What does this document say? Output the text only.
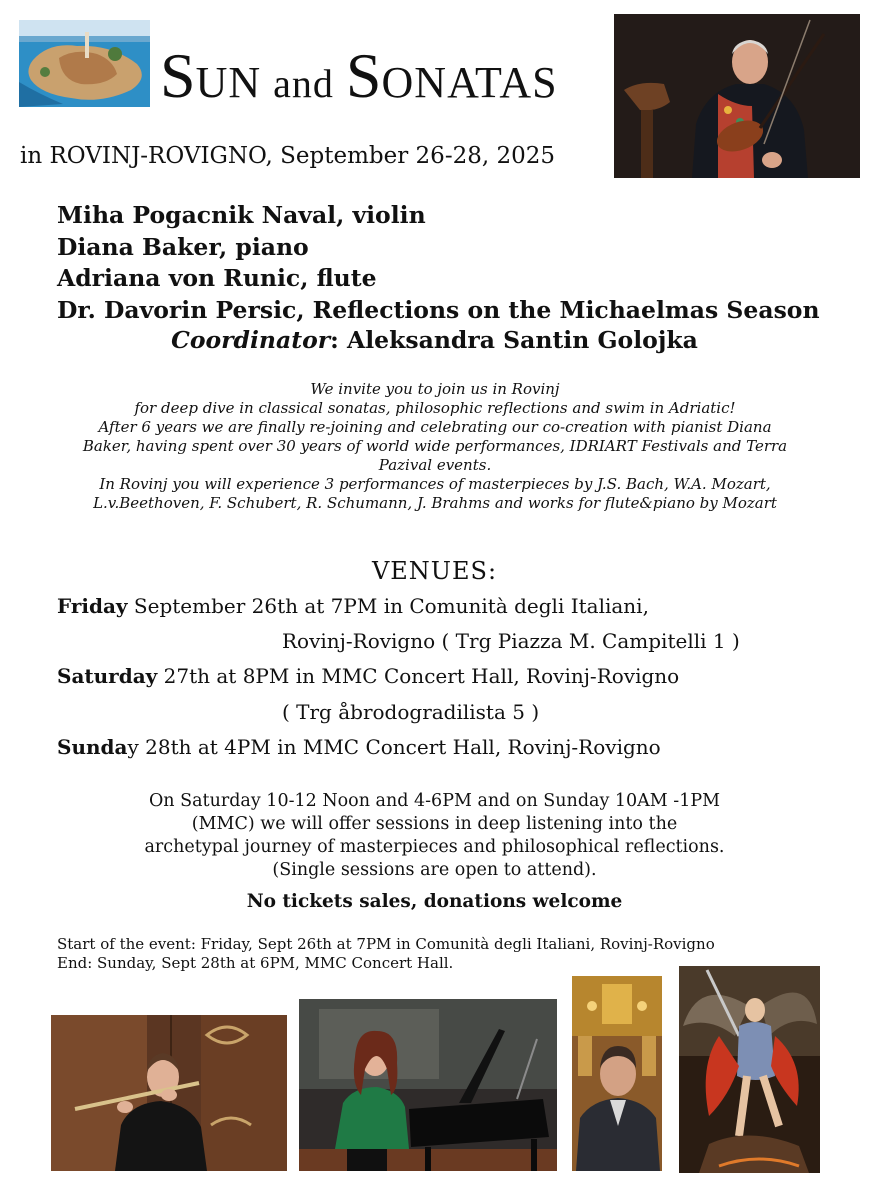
SUN and SONATAS
in ROVINJ-ROVIGNO, September 26-28, 2025
Miha Pogacnik Naval, violin
Diana Baker, piano
Adriana von Runic, flute
Dr. Davorin Persic, Reflections on the Michaelmas Season
Coordinator: Aleksandra Santin Golojka
We invite you to join us in Rovinj
for deep dive in classical sonatas, philosophic reflections and swim in Adriatic!
After 6 years we are finally re-joining and celebrating our co-creation with pianist Diana
Baker, having spent over 30 years of world wide performances, IDRIART Festivals and Terra
Pazival events.
In Rovinj you will experience 3 performances of masterpieces by J.S. Bach, W.A. Mozart,
L.v.Beethoven, F. Schubert, R. Schumann, J. Brahms and works for flute&piano by Mozart
VENUES:
Friday September 26th at 7PM in Comunità degli Italiani,
Rovinj-Rovigno ( Trg Piazza M. Campitelli 1 )
Saturday 27th at 8PM in MMC Concert Hall, Rovinj-Rovigno
( Trg åbrodogradilista 5 )
Sunday 28th at 4PM in MMC Concert Hall, Rovinj-Rovigno
On Saturday 10-12 Noon and 4-6PM and on Sunday 10AM -1PM
(MMC) we will offer sessions in deep listening into the
archetypal journey of masterpieces and philosophical reflections.
(Single sessions are open to attend).
No tickets sales, donations welcome
Start of the event: Friday, Sept 26th at 7PM in Comunità degli Italiani, Rovinj-Rovigno
End: Sunday, Sept 28th at 6PM, MMC Concert Hall.
